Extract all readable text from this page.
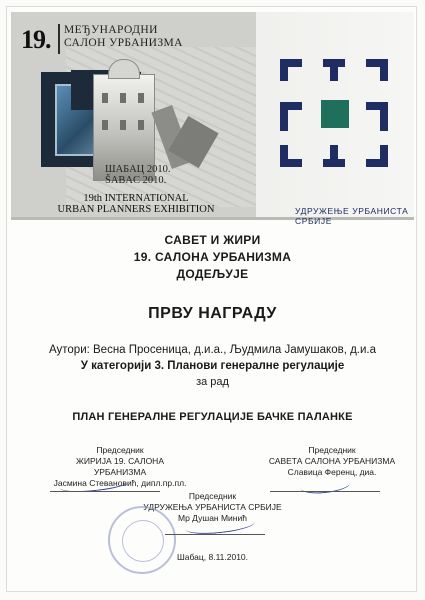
19. МЕЂУНАРОДНИ
САЛОН УРБАНИЗМА
ШАБАЦ 2010.
ŠABAC 2010.
19th INTERNATIONAL
URBAN PLANNERS EXHIBITION	УДРУЖЕЊЕ УРБАНИСТА СРБИЈЕ
САВЕТ И ЖИРИ
19. САЛОНА УРБАНИЗМА
ДОДЕЉУЈЕ
ПРВУ НАГРАДУ
Аутори: Весна Просеница, д.и.а., Људмила Јамушаков, д.и.а
У категорији 3. Планови генералне регулације
за рад
ПЛАН ГЕНЕРАЛНЕ РЕГУЛАЦИЈЕ БАЧКЕ ПАЛАНКЕ
Председник
ЖИРИЈА 19. САЛОНА УРБАНИЗМА
Јасмина Стевановић, дипл.пр.пл.
Председник
САВЕТА САЛОНА УРБАНИЗМА
Славица Ференц, диа.
Председник
УДРУЖЕЊА УРБАНИСТА СРБИЈЕ
Мр Душан Минић
Шабац, 8.11.2010.
